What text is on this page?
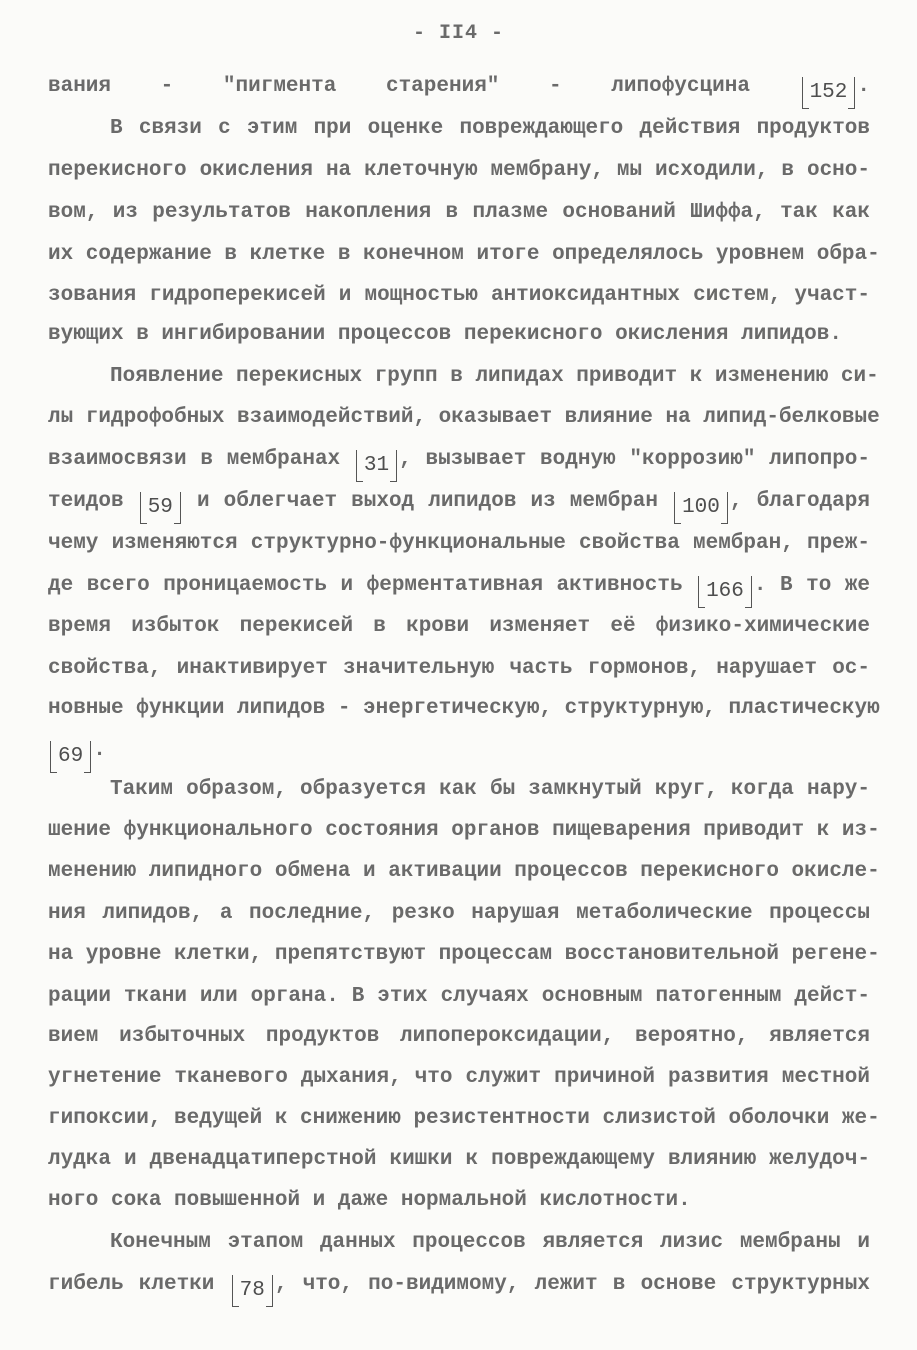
- II4 -
вания - "пигмента старения" - липофусцина 152 .
В связи с этим при оценке повреждающего действия продуктов
перекисного окисления на клеточную мембрану, мы исходили, в осно-
вом, из результатов накопления в плазме оснований Шиффа, так как
их содержание в клетке в конечном итоге определялось уровнем обра-
зования гидроперекисей и мощностью антиоксидантных систем, участ-
вующих в ингибировании процессов перекисного окисления липидов.
Появление перекисных групп в липидах приводит к изменению си-
лы гидрофобных взаимодействий, оказывает влияние на липид-белковые
взаимосвязи в мембранах 31 , вызывает водную "коррозию" липопро-
теидов 59 и облегчает выход липидов из мембран 100 , благодаря
чему изменяются структурно-функциональные свойства мембран, преж-
де всего проницаемость и ферментативная активность 166 . В то же
время избыток перекисей в крови изменяет её физико-химические
свойства, инактивирует значительную часть гормонов, нарушает ос-
новные функции липидов - энергетическую, структурную, пластическую
69 .
Таким образом, образуется как бы замкнутый круг, когда нару-
шение функционального состояния органов пищеварения приводит к из-
менению липидного обмена и активации процессов перекисного окисле-
ния липидов, а последние, резко нарушая метаболические процессы
на уровне клетки, препятствуют процессам восстановительной регене-
рации ткани или органа. В этих случаях основным патогенным дейст-
вием избыточных продуктов липопероксидации, вероятно, является
угнетение тканевого дыхания, что служит причиной развития местной
гипоксии, ведущей к снижению резистентности слизистой оболочки же-
лудка и двенадцатиперстной кишки к повреждающему влиянию желудоч-
ного сока повышенной и даже нормальной кислотности.
Конечным этапом данных процессов является лизис мембраны и
гибель клетки 78 , что, по-видимому, лежит в основе структурных
